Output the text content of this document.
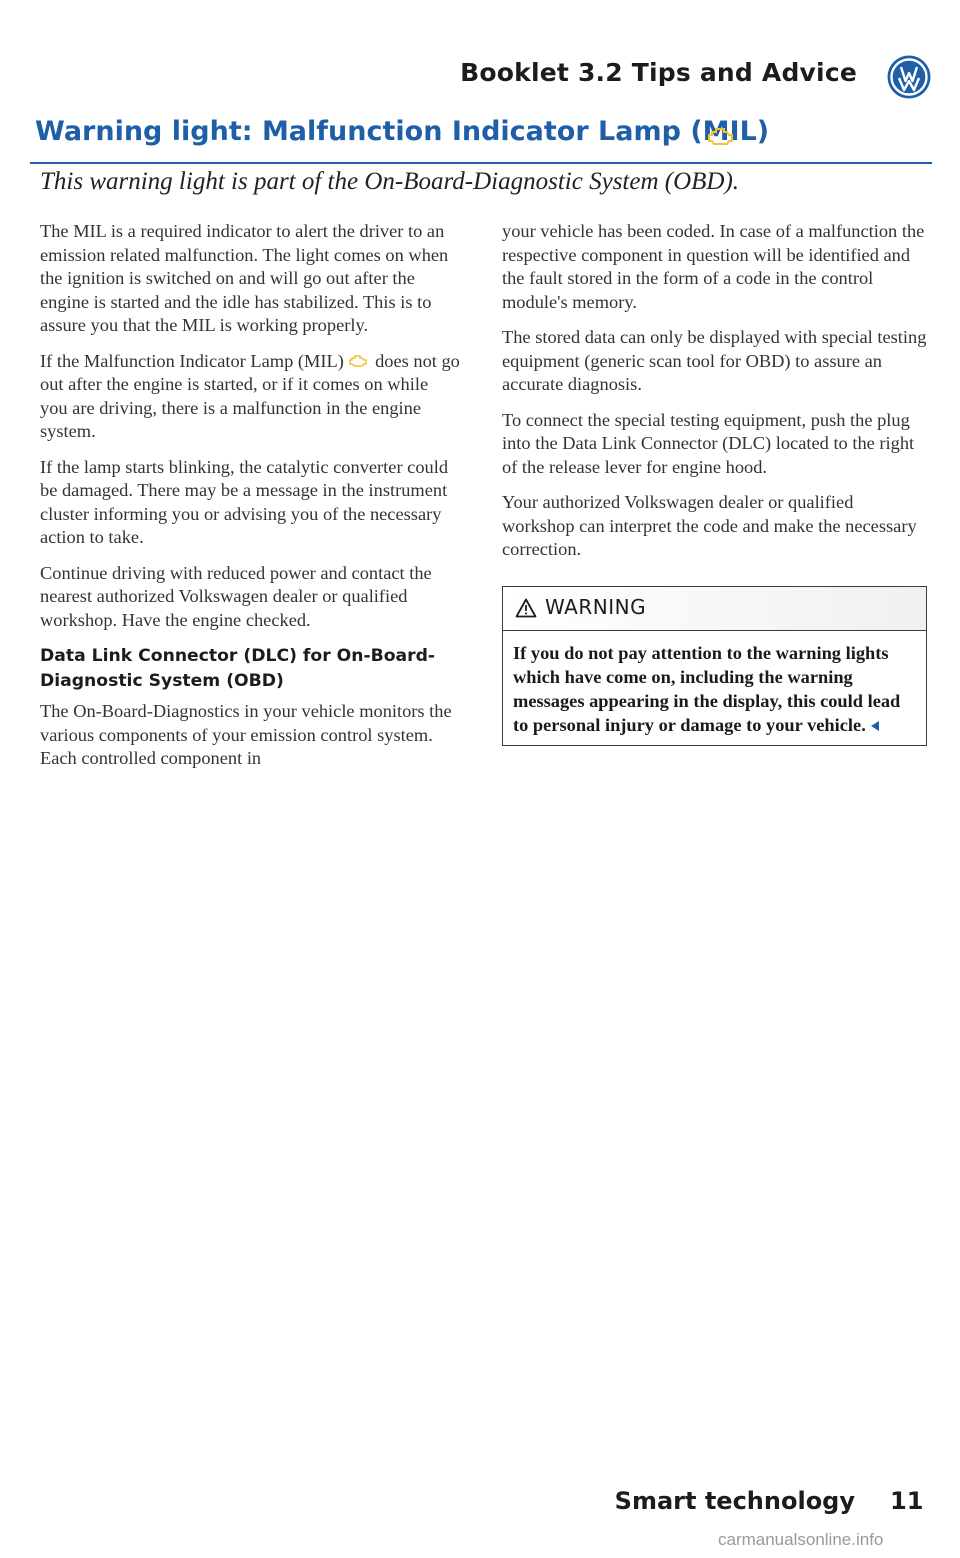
Booklet 3.2 Tips and Advice
Warning light: Malfunction Indicator Lamp (MIL)
This warning light is part of the On-Board-Diagnostic System (OBD).

The MIL is a required indicator to alert the driver to an emission related malfunction. The light comes on when the ignition is switched on and will go out after the engine is started and the idle has stabilized. This is to assure you that the MIL is working properly.

If the Malfunction Indicator Lamp (MIL) does not go out after the engine is started, or if it comes on while you are driving, there is a malfunction in the engine system.

If the lamp starts blinking, the catalytic converter could be damaged. There may be a message in the instrument cluster informing you or advising you of the necessary action to take.

Continue driving with reduced power and contact the nearest authorized Volkswagen dealer or qualified workshop. Have the engine checked.

Data Link Connector (DLC) for On-Board-Diagnostic System (OBD)

The On-Board-Diagnostics in your vehicle monitors the various components of your emission control system. Each controlled component in

your vehicle has been coded. In case of a malfunction the respective component in question will be identified and the fault stored in the form of a code in the control module's memory.

The stored data can only be displayed with special testing equipment (generic scan tool for OBD) to assure an accurate diagnosis.

To connect the special testing equipment, push the plug into the Data Link Connector (DLC) located to the right of the release lever for engine hood.

Your authorized Volkswagen dealer or qualified workshop can interpret the code and make the necessary correction.

WARNING
If you do not pay attention to the warning lights which have come on, including the warning messages appearing in the display, this could lead to personal injury or damage to your vehicle.
Smart technology 11
carmanualsonline.info
